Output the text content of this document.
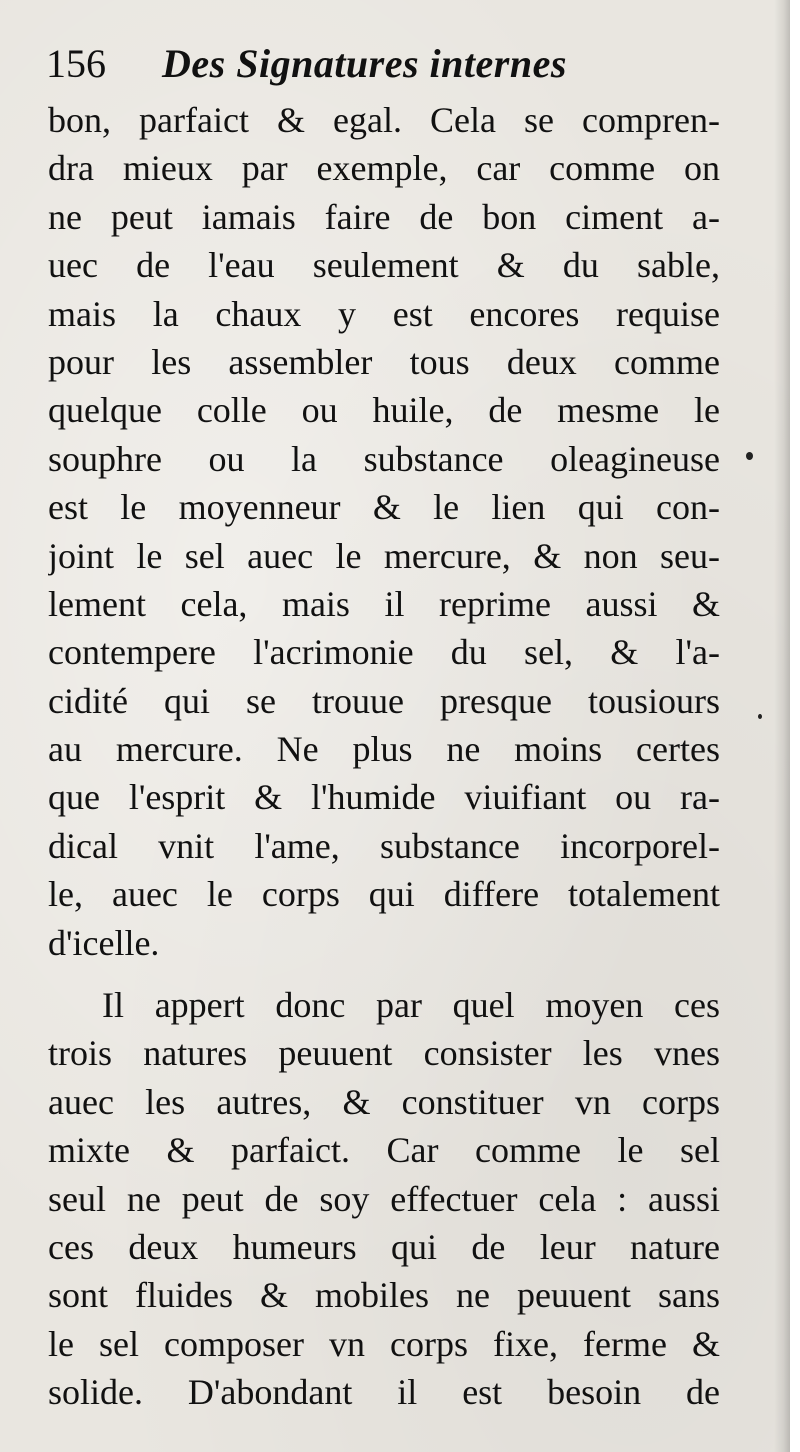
156 Des Signatures internes
bon, parfaict & egal. Cela se compren-
dra mieux par exemple, car comme on
ne peut iamais faire de bon ciment a-
uec de l'eau seulement & du sable,
mais la chaux y est encores requise
pour les assembler tous deux comme
quelque colle ou huile, de mesme le
souphre ou la substance oleagineuse
est le moyenneur & le lien qui con-
joint le sel auec le mercure, & non seu-
lement cela, mais il reprime aussi &
contempere l'acrimonie du sel, & l'a-
cidité qui se trouue presque tousiours
au mercure. Ne plus ne moins certes
que l'esprit & l'humide viuifiant ou ra-
dical vnit l'ame, substance incorporel-
le, auec le corps qui differe totalement
d'icelle.
Il appert donc par quel moyen ces
trois natures peuuent consister les vnes
auec les autres, & constituer vn corps
mixte & parfaict. Car comme le sel
seul ne peut de soy effectuer cela : aussi
ces deux humeurs qui de leur nature
sont fluides & mobiles ne peuuent sans
le sel composer vn corps fixe, ferme &
solide. D'abondant il est besoin de
